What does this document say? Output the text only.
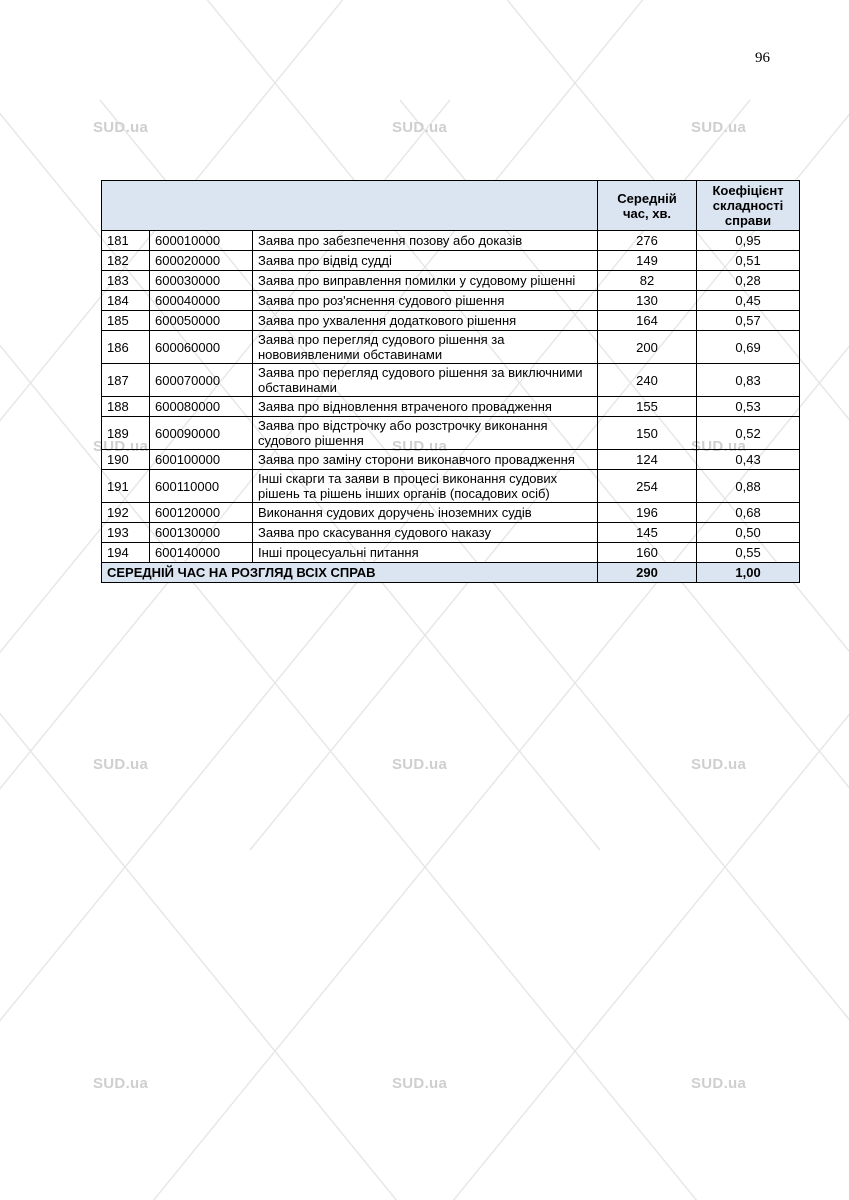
SUD.ua	SUD.ua	SUD.ua
SUD.ua	SUD.ua	SUD.ua
SUD.ua	SUD.ua	SUD.ua
SUD.ua	SUD.ua	SUD.ua
96
			Середній час, хв.	Коефіцієнт складності справи
181	600010000	Заява про забезпечення позову або доказів	276	0,95
182	600020000	Заява про відвід судді	149	0,51
183	600030000	Заява про виправлення помилки у судовому рішенні	82	0,28
184	600040000	Заява про роз'яснення судового рішення	130	0,45
185	600050000	Заява про ухвалення додаткового рішення	164	0,57
186	600060000	Заява про перегляд судового рішення за нововиявленими обставинами	200	0,69
187	600070000	Заява про перегляд судового рішення за виключними обставинами	240	0,83
188	600080000	Заява про відновлення втраченого провадження	155	0,53
189	600090000	Заява про відстрочку або розстрочку виконання судового рішення	150	0,52
190	600100000	Заява про заміну сторони виконавчого провадження	124	0,43
191	600110000	Інші скарги та заяви в процесі виконання судових рішень та рішень інших органів (посадових осіб)	254	0,88
192	600120000	Виконання судових доручень іноземних судів	196	0,68
193	600130000	Заява про скасування судового наказу	145	0,50
194	600140000	Інші процесуальні питання	160	0,55
СЕРЕДНІЙ ЧАС НА РОЗГЛЯД ВСІХ СПРАВ			290	1,00
